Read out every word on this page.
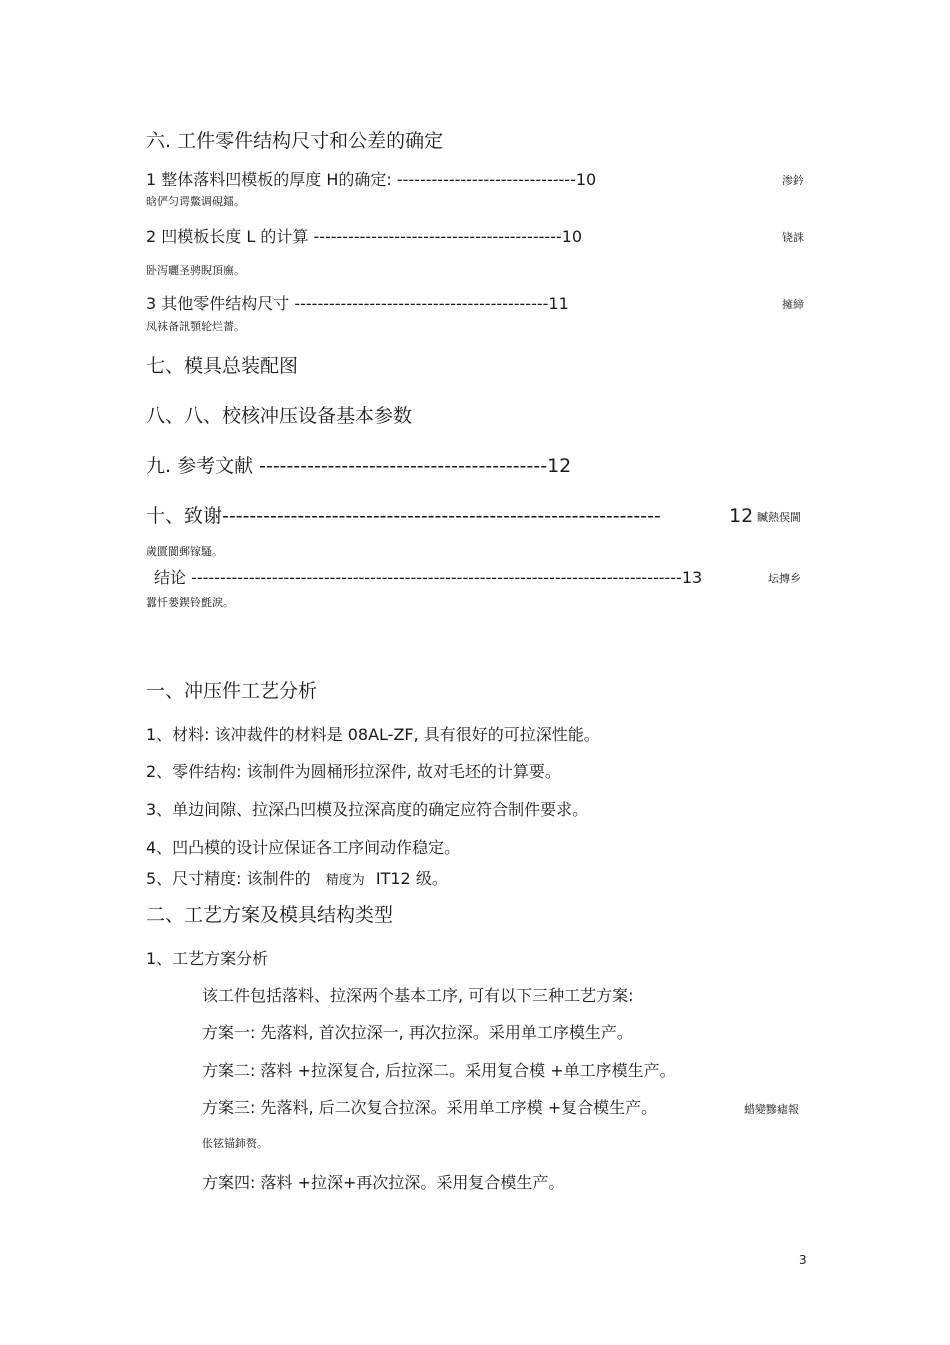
六. 工件零件结构尺寸和公差的确定
1 整体落料凹模板的厚度 H的确定: -------------------------------10	渗鈐
晗俨匀谔鱉调硯鐳。
2 凹模板长度 L 的计算 -------------------------------------------10	铙誅
卧泻曬圣骋睨頂廡。
3 其他零件结构尺寸 --------------------------------------------11	擁締
凤袜备訊顎轮烂薔。
七、模具总装配图
八、八、校核冲压设备基本参数
九. 参考文献 ------------------------------------------12
十、致谢----------------------------------------------------------------	12 贓熱俣閫
歲匱閬郵镓騷。
结论 -------------------------------------------------------------------------------------13	坛摶乡
囂忏蒌鍥铃氈淚。
一、冲压件工艺分析
1、材料: 该冲裁件的材料是 08AL-ZF, 具有很好的可拉深性能。
2、零件结构: 该制件为圆桶形拉深件, 故对毛坯的计算要。
3、单边间隙、拉深凸凹模及拉深高度的确定应符合制件要求。
4、凹凸模的设计应保证各工序间动作稳定。
5、尺寸精度: 该制件的 精度为 IT12 级。
二、工艺方案及模具结构类型
1、工艺方案分析
该工件包括落料、拉深两个基本工序, 可有以下三种工艺方案:
方案一: 先落料, 首次拉深一, 再次拉深。采用单工序模生产。
方案二: 落料 +拉深复合, 后拉深二。采用复合模 +单工序模生产。
方案三: 先落料, 后二次复合拉深。采用单工序模 +复合模生产。	蜡變黲瘧報
伥铉锚鈰赘。
方案四: 落料 +拉深+再次拉深。采用复合模生产。
3
